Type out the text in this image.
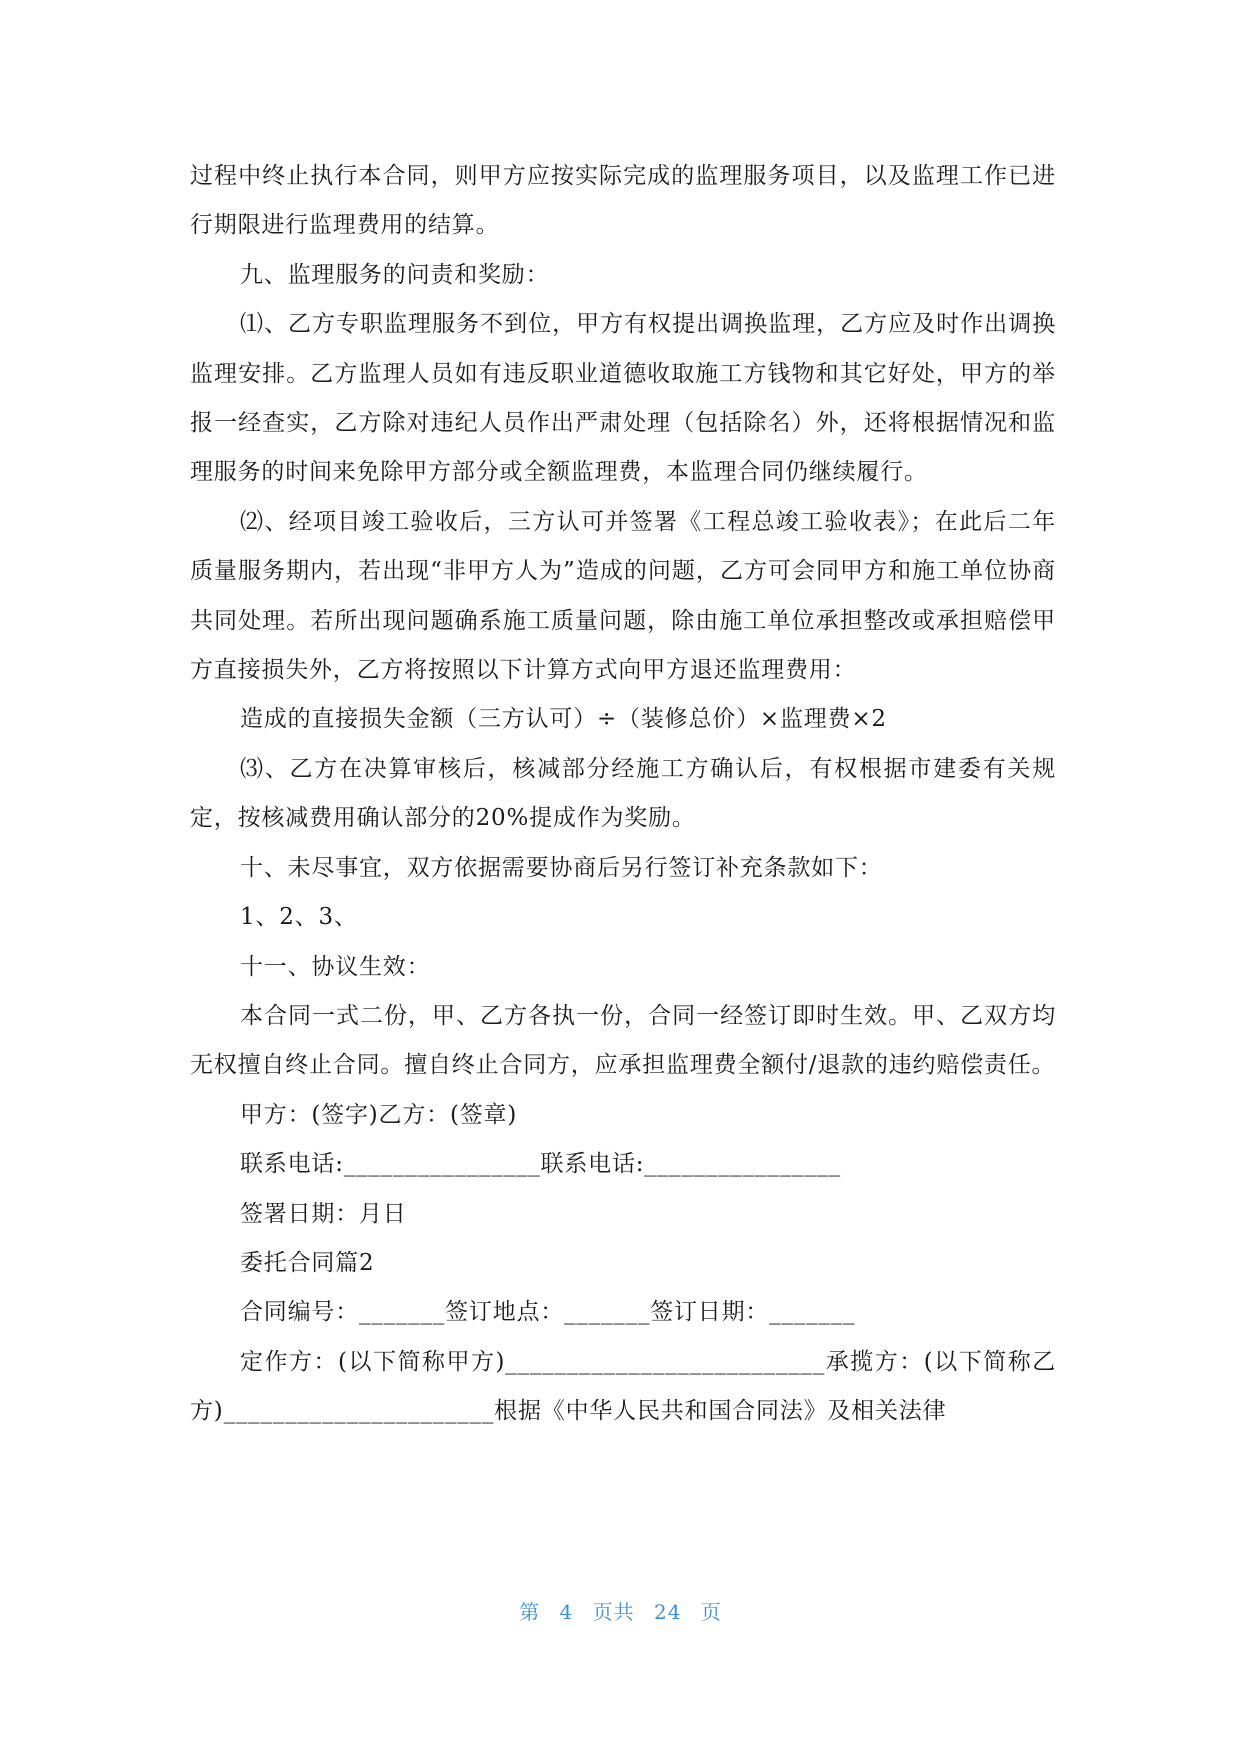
过程中终止执行本合同，则甲方应按实际完成的监理服务项目，以及监理工作已进行期限进行监理费用的结算。

九、监理服务的问责和奖励：

⑴、乙方专职监理服务不到位，甲方有权提出调换监理，乙方应及时作出调换监理安排。乙方监理人员如有违反职业道德收取施工方钱物和其它好处，甲方的举报一经查实，乙方除对违纪人员作出严肃处理（包括除名）外，还将根据情况和监理服务的时间来免除甲方部分或全额监理费，本监理合同仍继续履行。

⑵、经项目竣工验收后，三方认可并签署《工程总竣工验收表》；在此后二年质量服务期内，若出现“非甲方人为”造成的问题，乙方可会同甲方和施工单位协商共同处理。若所出现问题确系施工质量问题，除由施工单位承担整改或承担赔偿甲方直接损失外，乙方将按照以下计算方式向甲方退还监理费用：

造成的直接损失金额（三方认可）÷（装修总价）×监理费×2

⑶、乙方在决算审核后，核减部分经施工方确认后，有权根据市建委有关规定，按核减费用确认部分的20%提成作为奖励。

十、未尽事宜，双方依据需要协商后另行签订补充条款如下：

1、2、3、

十一、协议生效：

本合同一式二份，甲、乙方各执一份，合同一经签订即时生效。甲、乙双方均无权擅自终止合同。擅自终止合同方，应承担监理费全额付/退款的违约赔偿责任。

甲方：(签字)乙方：(签章)

联系电话:________________联系电话:________________

签署日期：月日

委托合同篇2

合同编号：_______签订地点：_______签订日期：_______

定作方：(以下简称甲方)__________________________承揽方：(以下简称乙方)______________________根据《中华人民共和国合同法》及相关法律

第 4 页共 24 页
